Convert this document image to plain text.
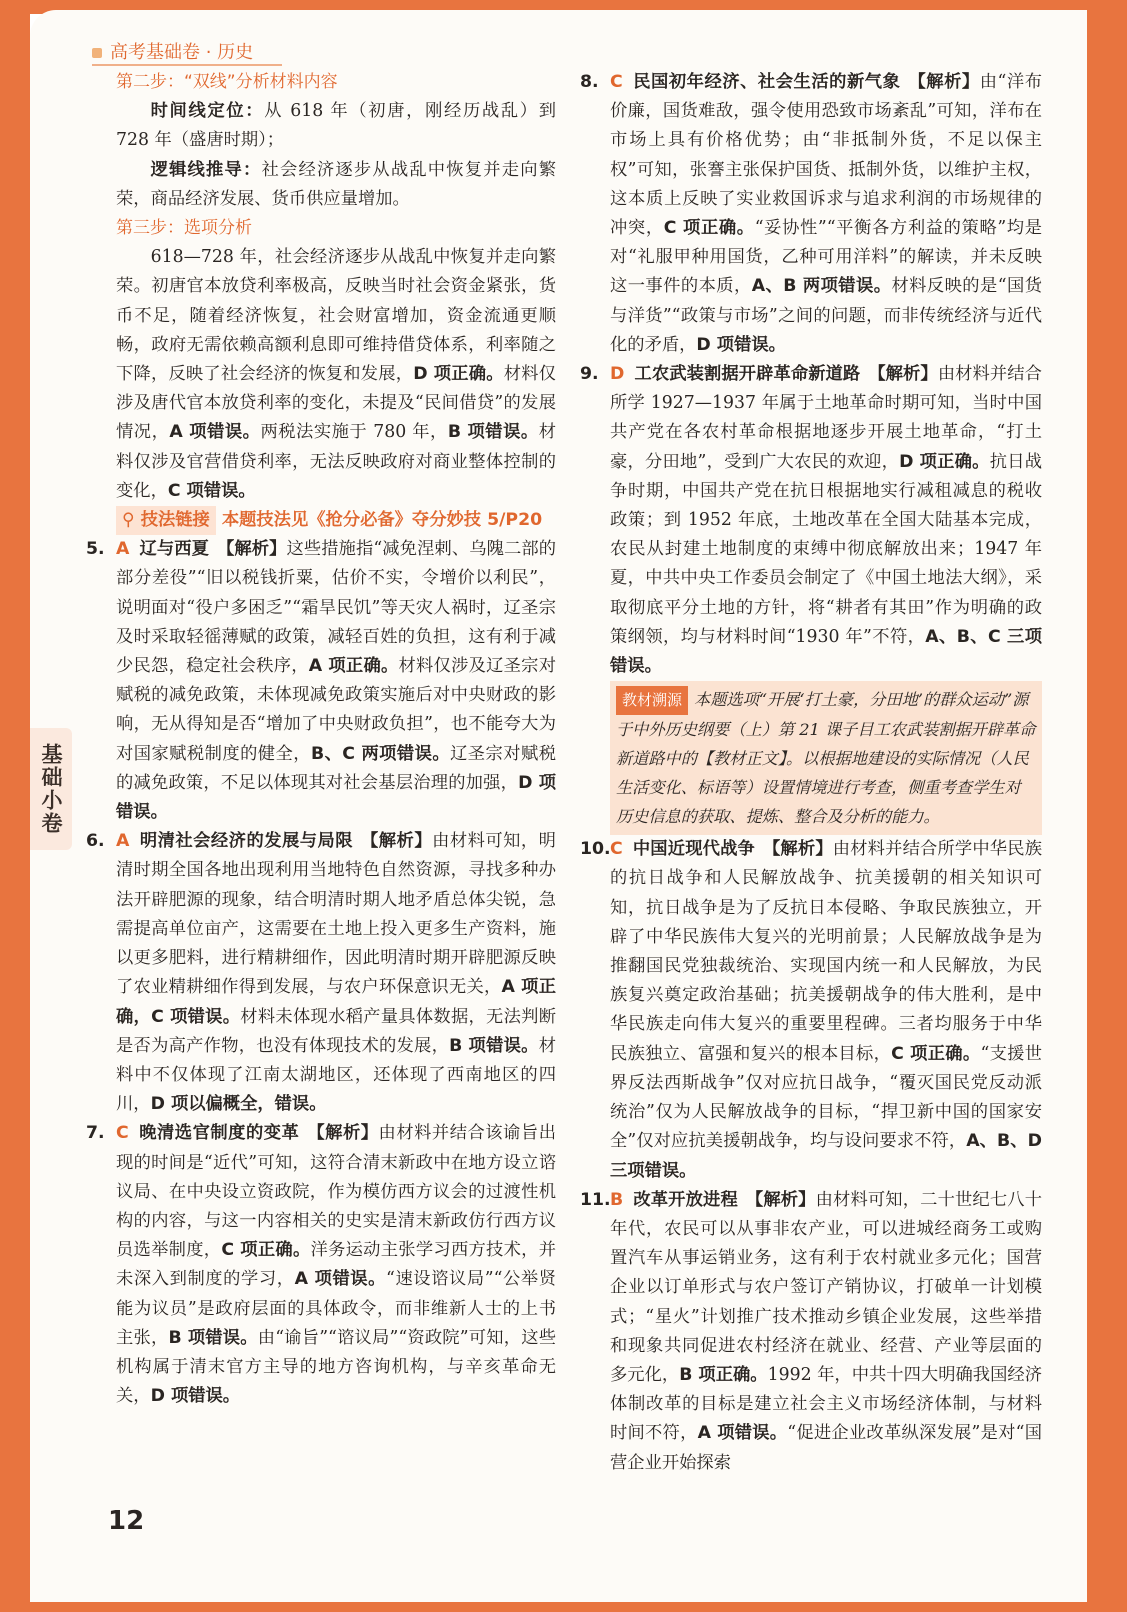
高考基础卷 · 历史
基础小卷

第二步：“双线”分析材料内容

时间线定位：从 618 年（初唐，刚经历战乱）到 728 年（盛唐时期）；

逻辑线推导：社会经济逐步从战乱中恢复并走向繁荣，商品经济发展、货币供应量增加。

第三步：选项分析

618—728 年，社会经济逐步从战乱中恢复并走向繁荣。初唐官本放贷利率极高，反映当时社会资金紧张，货币不足，随着经济恢复，社会财富增加，资金流通更顺畅，政府无需依赖高额利息即可维持借贷体系，利率随之下降，反映了社会经济的恢复和发展，D 项正确。材料仅涉及唐代官本放贷利率的变化，未提及“民间借贷”的发展情况，A 项错误。两税法实施于 780 年，B 项错误。材料仅涉及官营借贷利率，无法反映政府对商业整体控制的变化，C 项错误。

⚲ 技法链接 本题技法见《抢分必备》夺分妙技 5/P20

5. A 辽与西夏 【解析】这些措施指“减免涅剌、乌隗二部的部分差役”“旧以税钱折粟，估价不实，令增价以利民”，说明面对“役户多困乏”“霜旱民饥”等天灾人祸时，辽圣宗及时采取轻徭薄赋的政策，减轻百姓的负担，这有利于减少民怨，稳定社会秩序，A 项正确。材料仅涉及辽圣宗对赋税的减免政策，未体现减免政策实施后对中央财政的影响，无从得知是否“增加了中央财政负担”，也不能夸大为对国家赋税制度的健全，B、C 两项错误。辽圣宗对赋税的减免政策，不足以体现其对社会基层治理的加强，D 项错误。

6. A 明清社会经济的发展与局限 【解析】由材料可知，明清时期全国各地出现利用当地特色自然资源，寻找多种办法开辟肥源的现象，结合明清时期人地矛盾总体尖锐，急需提高单位亩产，这需要在土地上投入更多生产资料，施以更多肥料，进行精耕细作，因此明清时期开辟肥源反映了农业精耕细作得到发展，与农户环保意识无关，A 项正确，C 项错误。材料未体现水稻产量具体数据，无法判断是否为高产作物，也没有体现技术的发展，B 项错误。材料中不仅体现了江南太湖地区，还体现了西南地区的四川，D 项以偏概全，错误。

7. C 晚清选官制度的变革 【解析】由材料并结合该谕旨出现的时间是“近代”可知，这符合清末新政中在地方设立谘议局、在中央设立资政院，作为模仿西方议会的过渡性机构的内容，与这一内容相关的史实是清末新政仿行西方议员选举制度，C 项正确。洋务运动主张学习西方技术，并未深入到制度的学习，A 项错误。“速设谘议局”“公举贤能为议员”是政府层面的具体政令，而非维新人士的上书主张，B 项错误。由“谕旨”“谘议局”“资政院”可知，这些机构属于清末官方主导的地方咨询机构，与辛亥革命无关，D 项错误。

8. C 民国初年经济、社会生活的新气象 【解析】由“洋布价廉，国货难敌，强令使用恐致市场紊乱”可知，洋布在市场上具有价格优势；由“非抵制外货，不足以保主权”可知，张謇主张保护国货、抵制外货，以维护主权，这本质上反映了实业救国诉求与追求利润的市场规律的冲突，C 项正确。“妥协性”“平衡各方利益的策略”均是对“礼服甲种用国货，乙种可用洋料”的解读，并未反映这一事件的本质，A、B 两项错误。材料反映的是“国货与洋货”“政策与市场”之间的问题，而非传统经济与近代化的矛盾，D 项错误。

9. D 工农武装割据开辟革命新道路 【解析】由材料并结合所学 1927—1937 年属于土地革命时期可知，当时中国共产党在各农村革命根据地逐步开展土地革命，“打土豪，分田地”，受到广大农民的欢迎，D 项正确。抗日战争时期，中国共产党在抗日根据地实行减租减息的税收政策；到 1952 年底，土地改革在全国大陆基本完成，农民从封建土地制度的束缚中彻底解放出来；1947 年夏，中共中央工作委员会制定了《中国土地法大纲》，采取彻底平分土地的方针，将“耕者有其田”作为明确的政策纲领，均与材料时间“1930 年”不符，A、B、C 三项错误。

教材溯源 本题选项“开展‘打土豪，分田地’的群众运动”源于中外历史纲要（上）第 21 课子目工农武装割据开辟革命新道路中的【教材正文】。以根据地建设的实际情况（人民生活变化、标语等）设置情境进行考查，侧重考查学生对历史信息的获取、提炼、整合及分析的能力。
10. C 中国近现代战争 【解析】由材料并结合所学中华民族的抗日战争和人民解放战争、抗美援朝的相关知识可知，抗日战争是为了反抗日本侵略、争取民族独立，开辟了中华民族伟大复兴的光明前景；人民解放战争是为推翻国民党独裁统治、实现国内统一和人民解放，为民族复兴奠定政治基础；抗美援朝战争的伟大胜利，是中华民族走向伟大复兴的重要里程碑。三者均服务于中华民族独立、富强和复兴的根本目标，C 项正确。“支援世界反法西斯战争”仅对应抗日战争，“覆灭国民党反动派统治”仅为人民解放战争的目标，“捍卫新中国的国家安全”仅对应抗美援朝战争，均与设问要求不符，A、B、D 三项错误。

11. B 改革开放进程 【解析】由材料可知，二十世纪七八十年代，农民可以从事非农产业，可以进城经商务工或购置汽车从事运销业务，这有利于农村就业多元化；国营企业以订单形式与农户签订产销协议，打破单一计划模式；“星火”计划推广技术推动乡镇企业发展，这些举措和现象共同促进农村经济在就业、经营、产业等层面的多元化，B 项正确。1992 年，中共十四大明确我国经济体制改革的目标是建立社会主义市场经济体制，与材料时间不符，A 项错误。“促进企业改革纵深发展”是对“国营企业开始探索

12
